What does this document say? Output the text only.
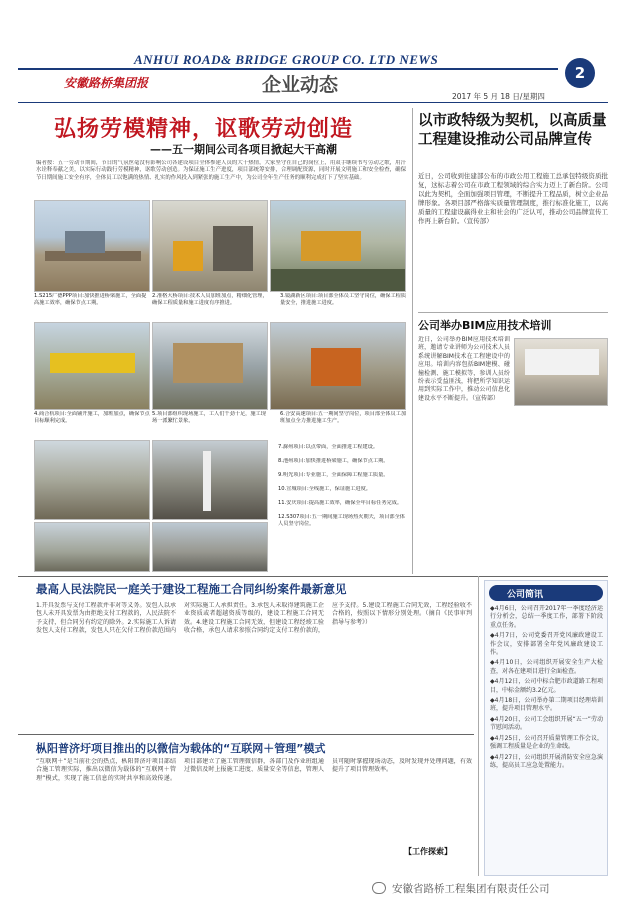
ANHUI ROAD& BRIDGE GROUP CO. LTD NEWS
安徽路桥集团报	企业动态
2017 年 5 月 18 日/星期四
2
弘扬劳模精神，讴歌劳动创造
——五一期间公司各项目掀起大干高潮
编者按：五一劳动节期间，节日的气氛丝毫没有影响公司各建设项目全体参建人员的大干热情，大家坚守在自己的岗位上，用双手继续书写劳动之歌，用汗水诠释奉献之美，以实际行动践行劳模精神，讴歌劳动创造。为保证施工生产进度，项目部统筹安排，合理调配资源，同时开展文明施工和安全检查，确保节日期间施工安全有序，全体员工以饱满的热情、扎实的作风投入到紧张的施工生产中，为公司全年生产任务的顺利完成打下了坚实基础。
1.S215广德PPP项目:加快推进桥梁施工，全面提高施工效率，确保节点工期。
2.准格大桥项目:技术人员加班加点，精细化管理，确保工程质量和施工进度有序推进。
3.镜湖新区项目:项目部全体员工坚守岗位，确保工程质量安全，推进施工进度。
4.商合杭项目:全面铺开施工，加班加点，确保节点目标顺利完成。
5.项目部组织现场施工，工人们干劲十足，施工现场一派繁忙景象。
6.合安高速项目:五一期间坚守岗位，项目部全体员工加班加点全力推进施工生产。
7.滁州项目:以点带面，全面推进工程建设。
8.池州项目:加快推进桥梁施工，确保节点工期。
9.明光项目:专业施工，全面保障工程施工质量。
10.宣城项目:全线施工，保证施工进度。
11.安庆项目:提高施工效率，确保全年目标任务完成。
12.S307项目:五一期间施工现场热火朝天，项目部全体人员坚守岗位。
以市政特级为契机，以高质量工程建设推动公司品牌宣传
近日，公司收到住建部公布的市政公用工程施工总承包特级资质批复，这标志着公司在市政工程领域的综合实力迈上了新台阶。公司以此为契机，全面加强项目管理，不断提升工程品质，树立企业品牌形象。各项目部严格落实质量管理制度，推行标准化施工，以高质量的工程建设赢得业主和社会的广泛认可，推动公司品牌宣传工作再上新台阶。（宣传部）
公司举办BIM应用技术培训
近日，公司举办BIM应用技术培训班，邀请专业讲师为公司技术人员系统讲解BIM技术在工程建设中的应用。培训内容包括BIM建模、碰撞检测、施工模拟等，参训人员纷纷表示受益匪浅，将把所学知识运用到实际工作中，推动公司信息化建设水平不断提升。（宣传部）
最高人民法院民一庭关于建设工程施工合同纠纷案件最新意见
1.开具发票与支付工程款并非对等义务。发包人以承包人未开具发票为由拒绝支付工程款的，人民法院不予支持，但合同另有约定的除外。2.实际施工人诉请发包人支付工程款，发包人只在欠付工程价款范围内对实际施工人承担责任。3.承包人未取得建筑施工企业资质或者超越资质等级的，建设工程施工合同无效。4.建设工程施工合同无效，但建设工程经竣工验收合格，承包人请求参照合同约定支付工程价款的，应予支持。5.建设工程施工合同无效，工程经验收不合格的，按照以下情形分别处理。（摘自《民事审判指导与参考》）
枞阳普济圩项目推出的以微信为载体的“互联网＋管理”模式
“互联网＋”是当前社会的热点，枞阳普济圩项目部结合施工管理实际，推出以微信为载体的“互联网＋管理”模式，实现了施工信息的实时共享和高效传递。项目部建立了施工管理微信群，各部门及作业班组通过微信及时上报施工进度、质量安全等信息，管理人员可随时掌握现场动态，及时发现并处理问题，有效提升了项目管理效率。
【工作探索】
公司简讯
◆4月6日，公司召开2017年一季度经济运行分析会，总结一季度工作，部署下阶段重点任务。
◆4月7日，公司党委召开党风廉政建设工作会议，安排部署全年党风廉政建设工作。
◆4月10日，公司组织开展安全生产大检查，对各在建项目进行全面检查。
◆4月12日，公司中标合肥市政道路工程项目，中标金额约3.2亿元。
◆4月18日，公司举办第二期项目经理培训班，提升项目管理水平。
◆4月20日，公司工会组织开展“五一”劳动节慰问活动。
◆4月25日，公司召开质量管理工作会议，强调工程质量是企业的生命线。
◆4月27日，公司组织开展消防安全应急演练，提高员工应急处置能力。
安徽省路桥工程集团有限责任公司
